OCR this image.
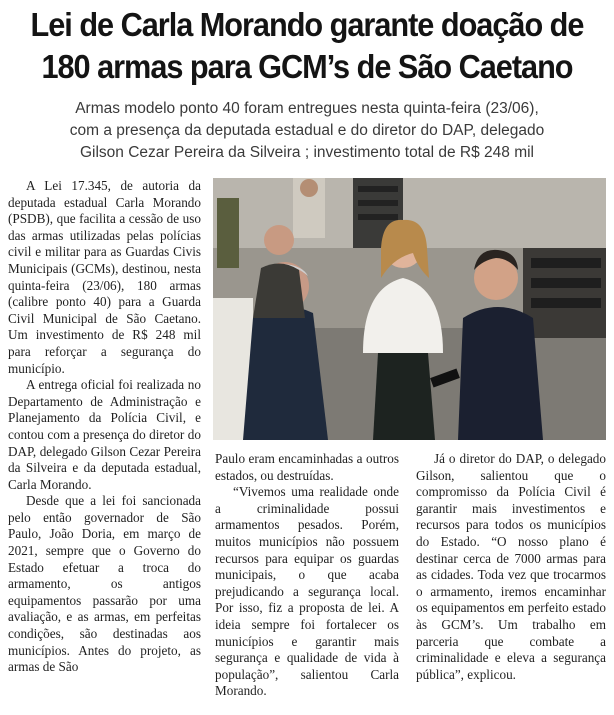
Lei de Carla Morando garante doação de
180 armas para GCM’s de São Caetano
Armas modelo ponto 40 foram entregues nesta quinta-feira (23/06),
com a presença da deputada estadual e do diretor do DAP, delegado
Gilson Cezar Pereira da Silveira ; investimento total de R$ 248 mil

A Lei 17.345, de autoria da deputada estadual Carla Morando (PSDB), que facilita a cessão de uso das armas utilizadas pelas polícias civil e militar para as Guardas Civis Municipais (GCMs), destinou, nesta quinta-feira (23/06), 180 armas (calibre ponto 40) para a Guarda Civil Municipal de São Caetano. Um investimento de R$ 248 mil para reforçar a segurança do município.

A entrega oficial foi realizada no Departamento de Administração e Planejamento da Polícia Civil, e contou com a presença do diretor do DAP, delegado Gilson Cezar Pereira da Silveira e da deputada estadual, Carla Morando.

Desde que a lei foi sancionada pelo então governador de São Paulo, João Doria, em março de 2021, sempre que o Governo do Estado efetuar a troca do armamento, os antigos equipamentos passarão por uma avaliação, e as armas, em perfeitas condições, são destinadas aos municípios. Antes do projeto, as armas de São

Paulo eram encaminhadas a outros estados, ou destruídas.

“Vivemos uma realidade onde a criminalidade possui armamentos pesados. Porém, muitos municípios não possuem recursos para equipar os guardas municipais, o que acaba prejudicando a segurança local. Por isso, fiz a proposta de lei. A ideia sempre foi fortalecer os municípios e garantir mais segurança e qualidade de vida à população”, salientou Carla Morando.

Já o diretor do DAP, o delegado Gilson, salientou que o compromisso da Polícia Civil é garantir mais investimentos e recursos para todos os municípios do Estado. “O nosso plano é destinar cerca de 7000 armas para as cidades. Toda vez que trocarmos o armamento, iremos encaminhar os equipamentos em perfeito estado às GCM’s. Um trabalho em parceria que combate a criminalidade e eleva a segurança pública”, explicou.
